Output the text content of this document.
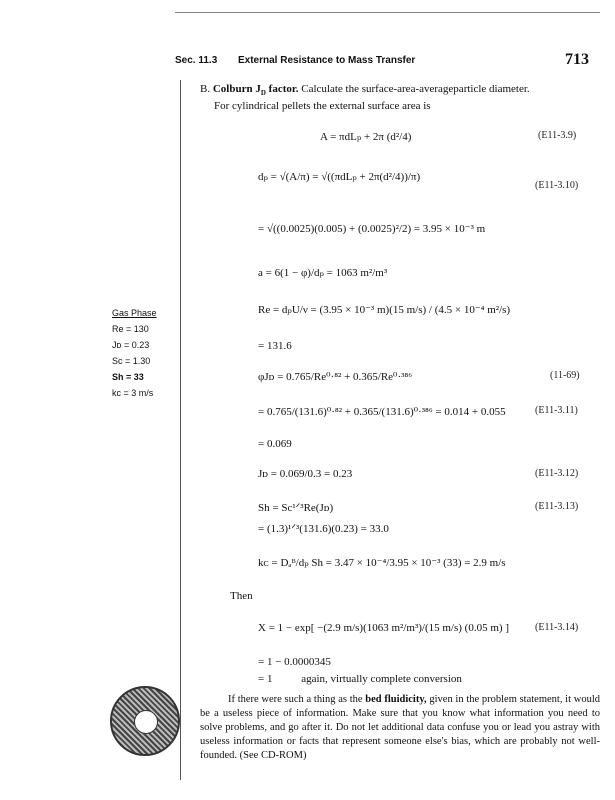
Sec. 11.3 External Resistance to Mass Transfer	713
B. Colburn $J_D$ factor. Calculate the surface-area-averageparticle diameter.
For cylindrical pellets the external surface area is
A = πdLₚ + 2π (d²/4)	(E11-3.9)
dₚ = √(A/π) = √((πdLₚ + 2π(d²/4))/π)
(E11-3.10)
= √((0.0025)(0.005) + (0.0025)²/2) = 3.95 × 10⁻³ m
a = 6(1 − φ)/dₚ = 1063 m²/m³
Re = dₚU/ν = (3.95 × 10⁻³ m)(15 m/s) / (4.5 × 10⁻⁴ m²/s)
= 131.6
φJᴅ = 0.765/Re⁰·⁸² + 0.365/Re⁰·³⁸⁶	(11-69)
= 0.765/(131.6)⁰·⁸² + 0.365/(131.6)⁰·³⁸⁶ = 0.014 + 0.055	(E11-3.11)
= 0.069
Jᴅ = 0.069/0.3 = 0.23	(E11-3.12)
Sh = Sc¹ᐟ³Re(Jᴅ)	(E11-3.13)
= (1.3)¹ᐟ³(131.6)(0.23) = 33.0
kᴄ = Dₐᴮ/dₚ Sh = 3.47 × 10⁻⁴/3.95 × 10⁻³ (33) = 2.9 m/s
Then
X = 1 − exp[ −(2.9 m/s)(1063 m²/m³)/(15 m/s) (0.05 m) ]	(E11-3.14)
= 1 − 0.0000345
= 1	again, virtually complete conversion
Gas Phase
Re = 130
Jᴅ = 0.23
Sc = 1.30
Sh = 33
kᴄ = 3 m/s
If there were such a thing as the bed fluidicity, given in the problem statement, it would be a useless piece of information. Make sure that you know what information you need to solve problems, and go after it. Do not let additional data confuse you or lead you astray with useless information or facts that represent someone else's bias, which are probably not well-founded. (See CD-ROM)
